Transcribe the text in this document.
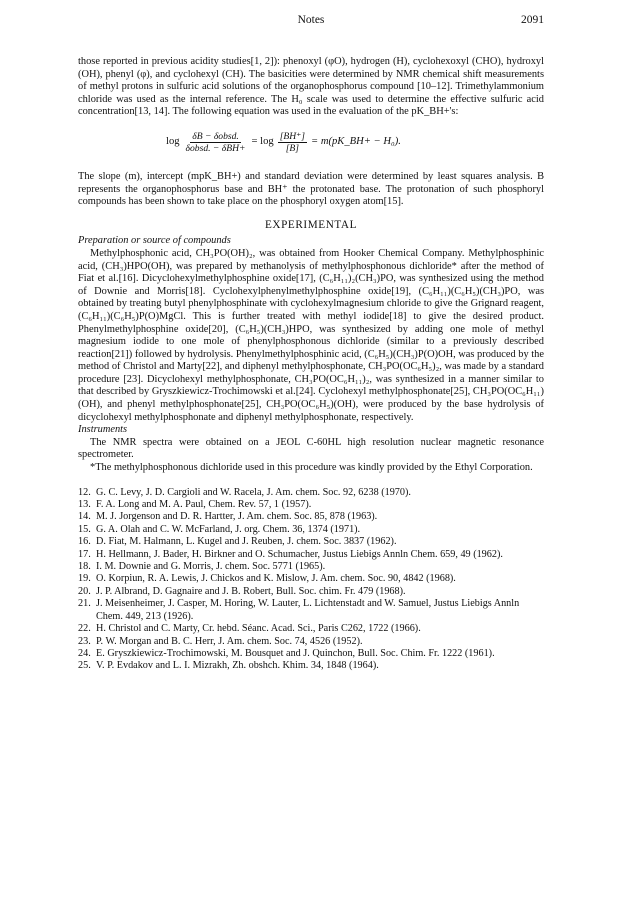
Notes	2091

those reported in previous acidity studies[1, 2]): phenoxyl (φO), hydrogen (H), cyclohexoxyl (CHO), hydroxyl (OH), phenyl (φ), and cyclohexyl (CH). The basicities were determined by NMR chemical shift measurements of methyl protons in sulfuric acid solutions of the organophosphorus compound [10–12]. Trimethylammonium chloride was used as the internal reference. The H₀ scale was used to determine the effective sulfuric acid concentration[13, 14]. The following equation was used in the evaluation of the pK_BH+'s:

$\log \frac{\text{δB − δobsd.}}{\text{δobsd. − δBH+}} = \log \frac{[BH^+]}{[B]}$ = m(pK_BH+ − H₀).

The slope (m), intercept (mpK_BH+) and standard deviation were determined by least squares analysis. B represents the organophosphorus base and BH⁺ the protonated base. The protonation of such phosphoryl compounds has been shown to take place on the phosphoryl oxygen atom[15].

EXPERIMENTAL

Preparation or source of compounds

Methylphosphonic acid, CH₃PO(OH)₂, was obtained from Hooker Chemical Company. Methylphosphinic acid, (CH₃)HPO(OH), was prepared by methanolysis of methylphosphonous dichloride* after the method of Fiat et al.[16]. Dicyclohexylmethylphosphine oxide[17], (C₆H₁₁)₂(CH₃)PO, was synthesized using the method of Downie and Morris[18]. Cyclohexylphenylmethylphosphine oxide[19], (C₆H₁₁)(C₆H₅)(CH₃)PO, was obtained by treating butyl phenylphosphinate with cyclohexylmagnesium chloride to give the Grignard reagent, (C₆H₁₁)(C₆H₅)P(O)MgCl. This is further treated with methyl iodide[18] to give the desired product. Phenylmethylphosphine oxide[20], (C₆H₅)(CH₃)HPO, was synthesized by adding one mole of methyl magnesium iodide to one mole of phenylphosphonous dichloride (similar to a previously described reaction[21]) followed by hydrolysis. Phenylmethylphosphinic acid, (C₆H₅)(CH₃)P(O)OH, was produced by the method of Christol and Marty[22], and diphenyl methylphosphonate, CH₃PO(OC₆H₅)₂, was made by a standard procedure [23]. Dicyclohexyl methylphosphonate, CH₃PO(OC₆H₁₁)₂, was synthesized in a manner similar to that described by Gryszkiewicz-Trochimowski et al.[24]. Cyclohexyl methylphosphonate[25], CH₃PO(OC₆H₁₁)(OH), and phenyl methylphosphonate[25], CH₃PO(OC₆H₅)(OH), were produced by the base hydrolysis of dicyclohexyl methylphosphonate and diphenyl methylphosphonate, respectively.

Instruments

The NMR spectra were obtained on a JEOL C-60HL high resolution nuclear magnetic resonance spectrometer.

*The methylphosphonous dichloride used in this procedure was kindly provided by the Ethyl Corporation.

12. G. C. Levy, J. D. Cargioli and W. Racela, J. Am. chem. Soc. 92, 6238 (1970).
13. F. A. Long and M. A. Paul, Chem. Rev. 57, 1 (1957).
14. M. J. Jorgenson and D. R. Hartter, J. Am. chem. Soc. 85, 878 (1963).
15. G. A. Olah and C. W. McFarland, J. org. Chem. 36, 1374 (1971).
16. D. Fiat, M. Halmann, L. Kugel and J. Reuben, J. chem. Soc. 3837 (1962).
17. H. Hellmann, J. Bader, H. Birkner and O. Schumacher, Justus Liebigs Annln Chem. 659, 49 (1962).
18. I. M. Downie and G. Morris, J. chem. Soc. 5771 (1965).
19. O. Korpiun, R. A. Lewis, J. Chickos and K. Mislow, J. Am. chem. Soc. 90, 4842 (1968).
20. J. P. Albrand, D. Gagnaire and J. B. Robert, Bull. Soc. chim. Fr. 479 (1968).
21. J. Meisenheimer, J. Casper, M. Horing, W. Lauter, L. Lichtenstadt and W. Samuel, Justus Liebigs Annln Chem. 449, 213 (1926).
22. H. Christol and C. Marty, Cr. hebd. Séanc. Acad. Sci., Paris C262, 1722 (1966).
23. P. W. Morgan and B. C. Herr, J. Am. chem. Soc. 74, 4526 (1952).
24. E. Gryszkiewicz-Trochimowski, M. Bousquet and J. Quinchon, Bull. Soc. Chim. Fr. 1222 (1961).
25. V. P. Evdakov and L. I. Mizrakh, Zh. obshch. Khim. 34, 1848 (1964).
